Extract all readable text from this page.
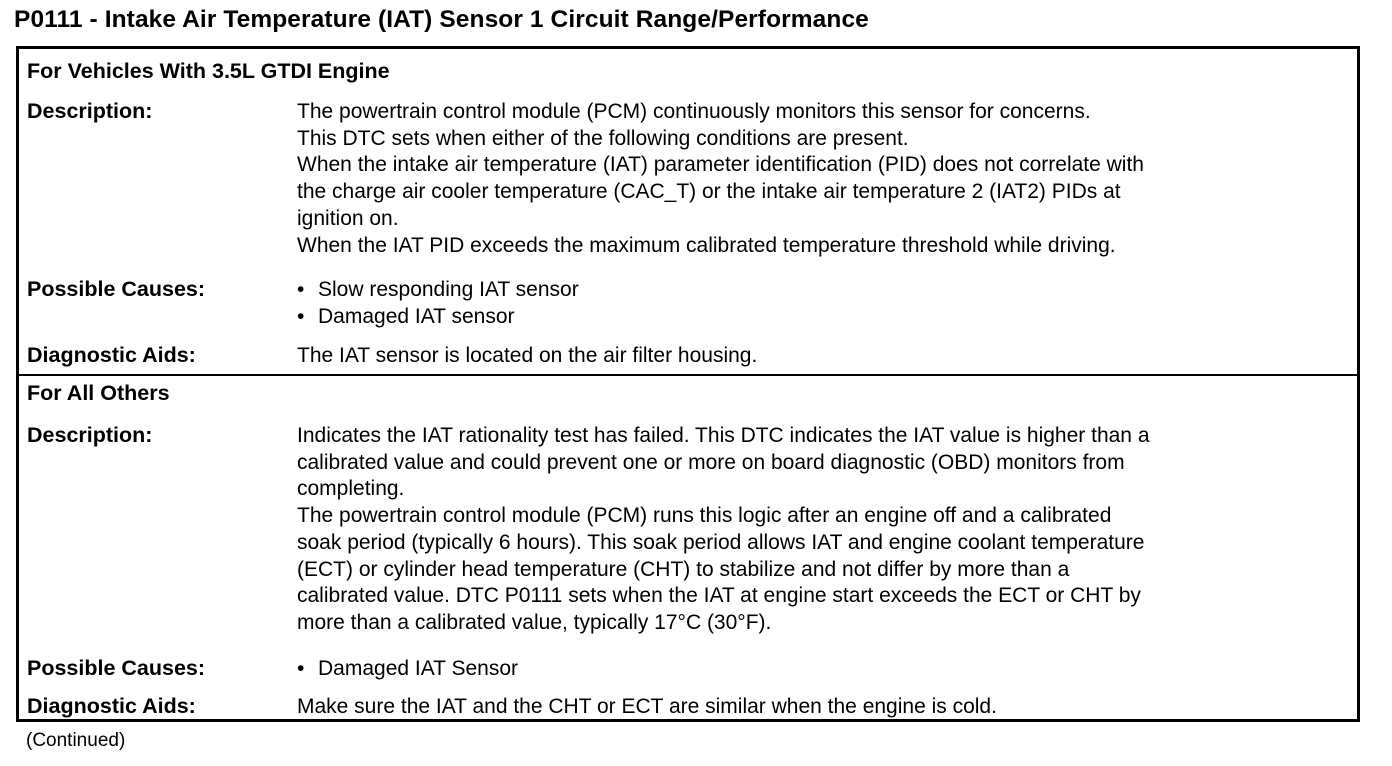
P0111 - Intake Air Temperature (IAT) Sensor 1 Circuit Range/Performance
For Vehicles With 3.5L GTDI Engine
Description:	The powertrain control module (PCM) continuously monitors this sensor for concerns.
This DTC sets when either of the following conditions are present.
When the intake air temperature (IAT) parameter identification (PID) does not correlate with
the charge air cooler temperature (CAC_T) or the intake air temperature 2 (IAT2) PIDs at
ignition on.
When the IAT PID exceeds the maximum calibrated temperature threshold while driving.
Possible Causes:	• Slow responding IAT sensor
• Damaged IAT sensor
Diagnostic Aids:	The IAT sensor is located on the air filter housing.
For All Others
Description:	Indicates the IAT rationality test has failed. This DTC indicates the IAT value is higher than a
calibrated value and could prevent one or more on board diagnostic (OBD) monitors from
completing.
The powertrain control module (PCM) runs this logic after an engine off and a calibrated
soak period (typically 6 hours). This soak period allows IAT and engine coolant temperature
(ECT) or cylinder head temperature (CHT) to stabilize and not differ by more than a
calibrated value. DTC P0111 sets when the IAT at engine start exceeds the ECT or CHT by
more than a calibrated value, typically 17°C (30°F).
Possible Causes:	• Damaged IAT Sensor
Diagnostic Aids:	Make sure the IAT and the CHT or ECT are similar when the engine is cold.
(Continued)
